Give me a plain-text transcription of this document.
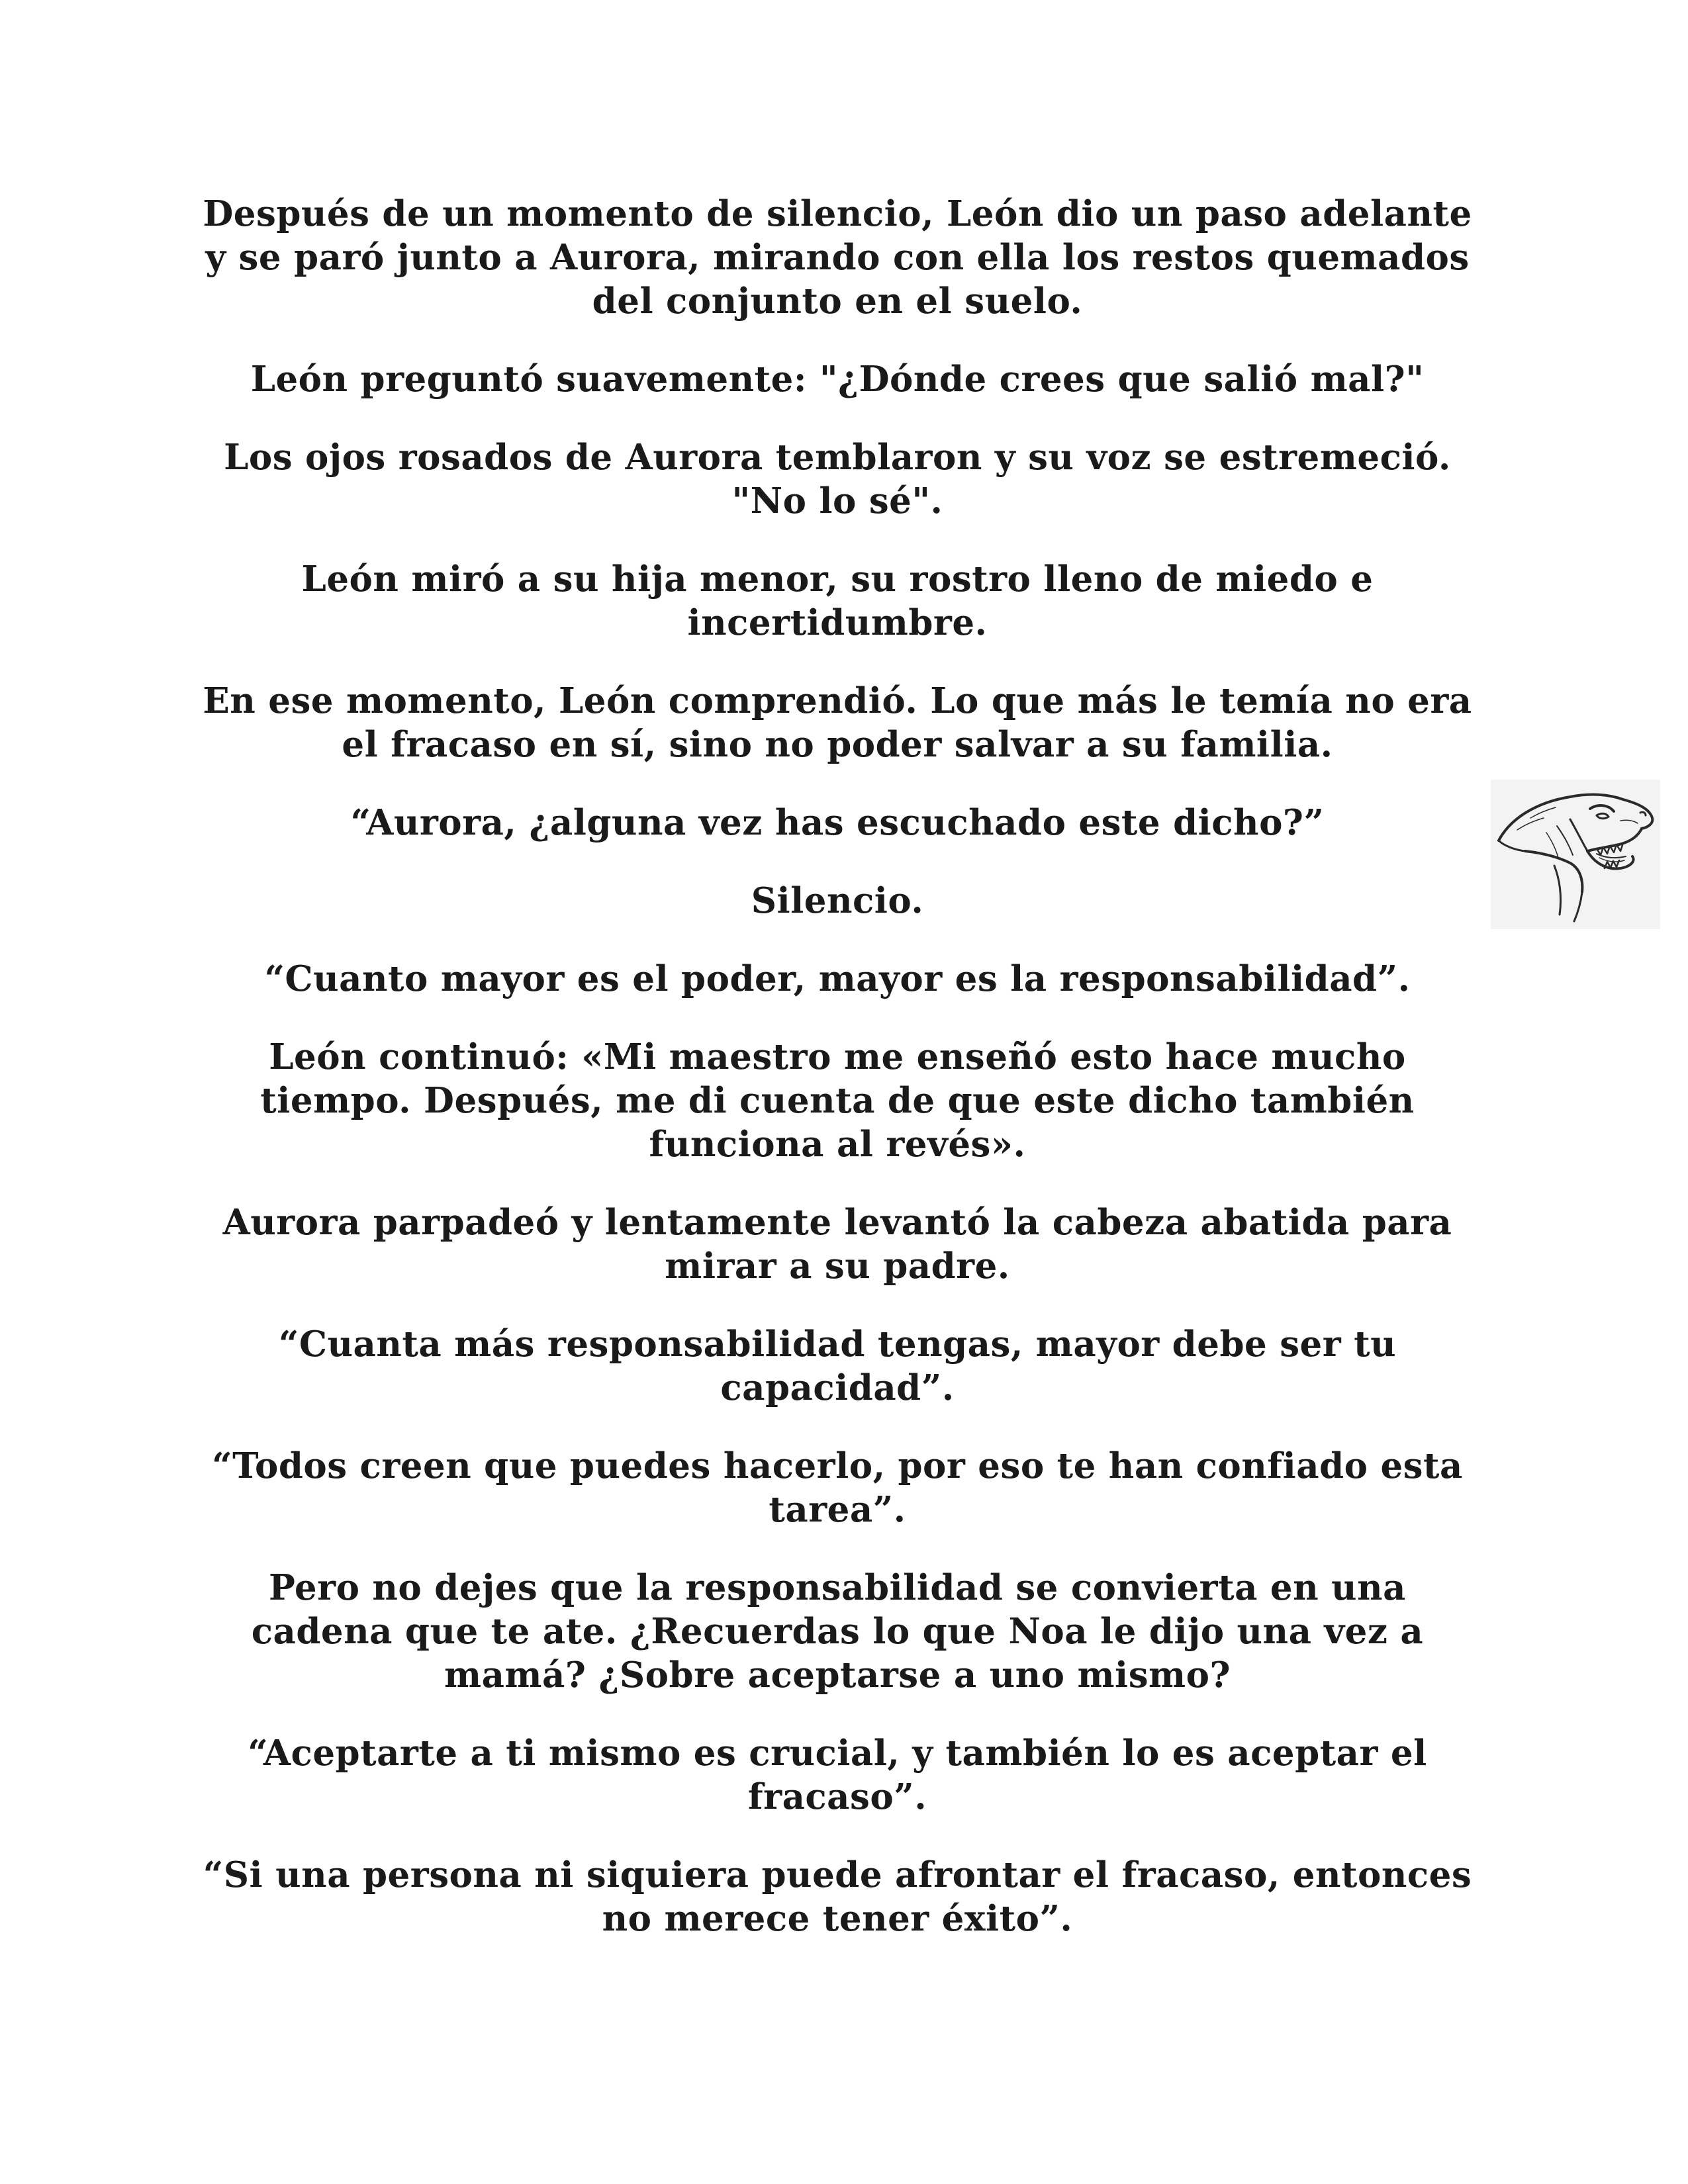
Después de un momento de silencio, León dio un paso adelante y se paró junto a Aurora, mirando con ella los restos quemados del conjunto en el suelo.

León preguntó suavemente: "¿Dónde crees que salió mal?"

Los ojos rosados de Aurora temblaron y su voz se estremeció. "No lo sé".

León miró a su hija menor, su rostro lleno de miedo e incertidumbre.

En ese momento, León comprendió. Lo que más le temía no era el fracaso en sí, sino no poder salvar a su familia.

“Aurora, ¿alguna vez has escuchado este dicho?”

Silencio.

“Cuanto mayor es el poder, mayor es la responsabilidad”.

León continuó: «Mi maestro me enseñó esto hace mucho tiempo. Después, me di cuenta de que este dicho también funciona al revés».

Aurora parpadeó y lentamente levantó la cabeza abatida para mirar a su padre.

“Cuanta más responsabilidad tengas, mayor debe ser tu capacidad”.

“Todos creen que puedes hacerlo, por eso te han confiado esta tarea”.

Pero no dejes que la responsabilidad se convierta en una cadena que te ate. ¿Recuerdas lo que Noa le dijo una vez a mamá? ¿Sobre aceptarse a uno mismo?

“Aceptarte a ti mismo es crucial, y también lo es aceptar el fracaso”.

“Si una persona ni siquiera puede afrontar el fracaso, entonces no merece tener éxito”.
